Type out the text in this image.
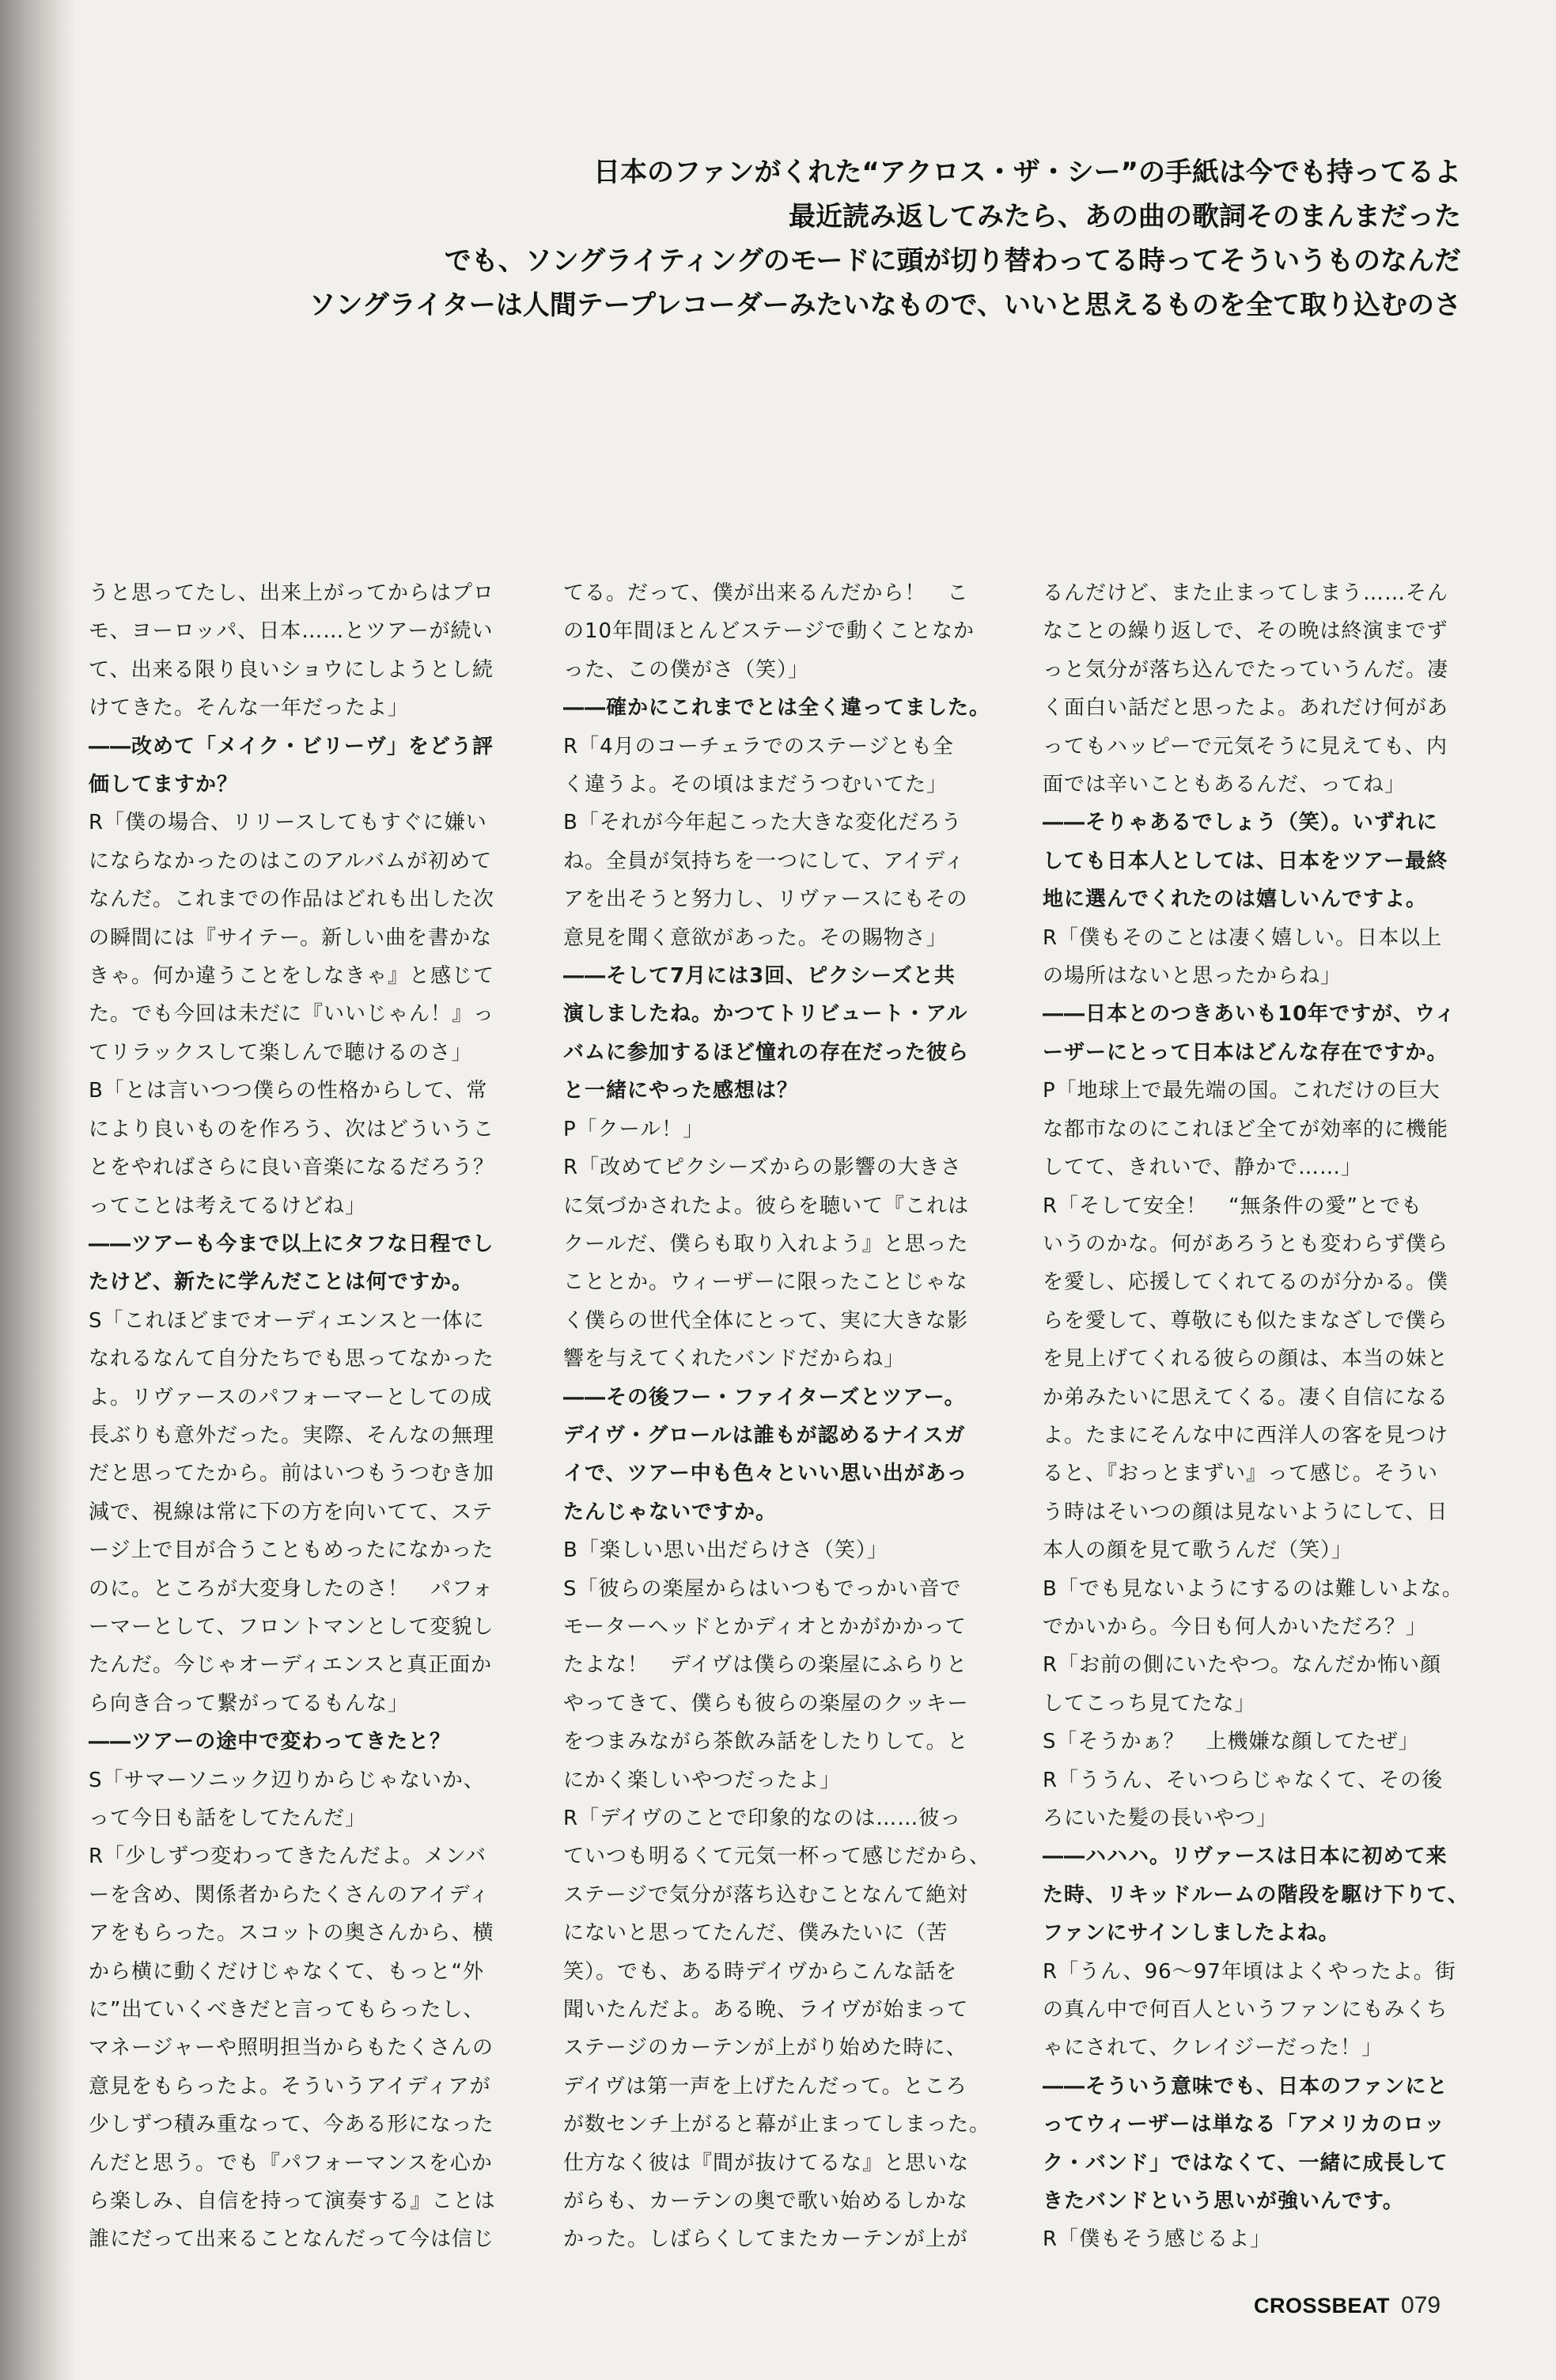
日本のファンがくれた“アクロス・ザ・シー”の手紙は今でも持ってるよ
最近読み返してみたら、あの曲の歌詞そのまんまだった
でも、ソングライティングのモードに頭が切り替わってる時ってそういうものなんだ
ソングライターは人間テープレコーダーみたいなもので、いいと思えるものを全て取り込むのさ
うと思ってたし、出来上がってからはプロ
モ、ヨーロッパ、日本……とツアーが続い
て、出来る限り良いショウにしようとし続
けてきた。そんな一年だったよ」
――改めて「メイク・ビリーヴ」をどう評
価してますか？
R「僕の場合、リリースしてもすぐに嫌い
にならなかったのはこのアルバムが初めて
なんだ。これまでの作品はどれも出した次
の瞬間には『サイテー。新しい曲を書かな
きゃ。何か違うことをしなきゃ』と感じて
た。でも今回は未だに『いいじゃん！』っ
てリラックスして楽しんで聴けるのさ」
B「とは言いつつ僕らの性格からして、常
により良いものを作ろう、次はどういうこ
とをやればさらに良い音楽になるだろう？
ってことは考えてるけどね」
――ツアーも今まで以上にタフな日程でし
たけど、新たに学んだことは何ですか。
S「これほどまでオーディエンスと一体に
なれるなんて自分たちでも思ってなかった
よ。リヴァースのパフォーマーとしての成
長ぶりも意外だった。実際、そんなの無理
だと思ってたから。前はいつもうつむき加
減で、視線は常に下の方を向いてて、ステ
ージ上で目が合うこともめったになかった
のに。ところが大変身したのさ！　パフォ
ーマーとして、フロントマンとして変貌し
たんだ。今じゃオーディエンスと真正面か
ら向き合って繋がってるもんな」
――ツアーの途中で変わってきたと？
S「サマーソニック辺りからじゃないか、
って今日も話をしてたんだ」
R「少しずつ変わってきたんだよ。メンバ
ーを含め、関係者からたくさんのアイディ
アをもらった。スコットの奥さんから、横
から横に動くだけじゃなくて、もっと“外
に”出ていくべきだと言ってもらったし、
マネージャーや照明担当からもたくさんの
意見をもらったよ。そういうアイディアが
少しずつ積み重なって、今ある形になった
んだと思う。でも『パフォーマンスを心か
ら楽しみ、自信を持って演奏する』ことは
誰にだって出来ることなんだって今は信じ
てる。だって、僕が出来るんだから！　こ
の10年間ほとんどステージで動くことなか
った、この僕がさ（笑）」
――確かにこれまでとは全く違ってました。
R「4月のコーチェラでのステージとも全
く違うよ。その頃はまだうつむいてた」
B「それが今年起こった大きな変化だろう
ね。全員が気持ちを一つにして、アイディ
アを出そうと努力し、リヴァースにもその
意見を聞く意欲があった。その賜物さ」
――そして7月には3回、ピクシーズと共
演しましたね。かつてトリビュート・アル
バムに参加するほど憧れの存在だった彼ら
と一緒にやった感想は？
P「クール！」
R「改めてピクシーズからの影響の大きさ
に気づかされたよ。彼らを聴いて『これは
クールだ、僕らも取り入れよう』と思った
こととか。ウィーザーに限ったことじゃな
く僕らの世代全体にとって、実に大きな影
響を与えてくれたバンドだからね」
――その後フー・ファイターズとツアー。
デイヴ・グロールは誰もが認めるナイスガ
イで、ツアー中も色々といい思い出があっ
たんじゃないですか。
B「楽しい思い出だらけさ（笑）」
S「彼らの楽屋からはいつもでっかい音で
モーターヘッドとかディオとかがかかって
たよな！　デイヴは僕らの楽屋にふらりと
やってきて、僕らも彼らの楽屋のクッキー
をつまみながら茶飲み話をしたりして。と
にかく楽しいやつだったよ」
R「デイヴのことで印象的なのは……彼っ
ていつも明るくて元気一杯って感じだから、
ステージで気分が落ち込むことなんて絶対
にないと思ってたんだ、僕みたいに（苦
笑）。でも、ある時デイヴからこんな話を
聞いたんだよ。ある晩、ライヴが始まって
ステージのカーテンが上がり始めた時に、
デイヴは第一声を上げたんだって。ところ
が数センチ上がると幕が止まってしまった。
仕方なく彼は『間が抜けてるな』と思いな
がらも、カーテンの奥で歌い始めるしかな
かった。しばらくしてまたカーテンが上が
るんだけど、また止まってしまう……そん
なことの繰り返しで、その晩は終演までず
っと気分が落ち込んでたっていうんだ。凄
く面白い話だと思ったよ。あれだけ何があ
ってもハッピーで元気そうに見えても、内
面では辛いこともあるんだ、ってね」
――そりゃあるでしょう（笑）。いずれに
しても日本人としては、日本をツアー最終
地に選んでくれたのは嬉しいんですよ。
R「僕もそのことは凄く嬉しい。日本以上
の場所はないと思ったからね」
――日本とのつきあいも10年ですが、ウィ
ーザーにとって日本はどんな存在ですか。
P「地球上で最先端の国。これだけの巨大
な都市なのにこれほど全てが効率的に機能
してて、きれいで、静かで……」
R「そして安全！　“無条件の愛”とでも
いうのかな。何があろうとも変わらず僕ら
を愛し、応援してくれてるのが分かる。僕
らを愛して、尊敬にも似たまなざしで僕ら
を見上げてくれる彼らの顔は、本当の妹と
か弟みたいに思えてくる。凄く自信になる
よ。たまにそんな中に西洋人の客を見つけ
ると、『おっとまずい』って感じ。そうい
う時はそいつの顔は見ないようにして、日
本人の顔を見て歌うんだ（笑）」
B「でも見ないようにするのは難しいよな。
でかいから。今日も何人かいただろ？」
R「お前の側にいたやつ。なんだか怖い顔
してこっち見てたな」
S「そうかぁ？　上機嫌な顔してたぜ」
R「ううん、そいつらじゃなくて、その後
ろにいた髪の長いやつ」
――ハハハ。リヴァースは日本に初めて来
た時、リキッドルームの階段を駆け下りて、
ファンにサインしましたよね。
R「うん、96～97年頃はよくやったよ。街
の真ん中で何百人というファンにもみくち
ゃにされて、クレイジーだった！」
――そういう意味でも、日本のファンにと
ってウィーザーは単なる「アメリカのロッ
ク・バンド」ではなくて、一緒に成長して
きたバンドという思いが強いんです。
R「僕もそう感じるよ」
CROSSBEAT 079
